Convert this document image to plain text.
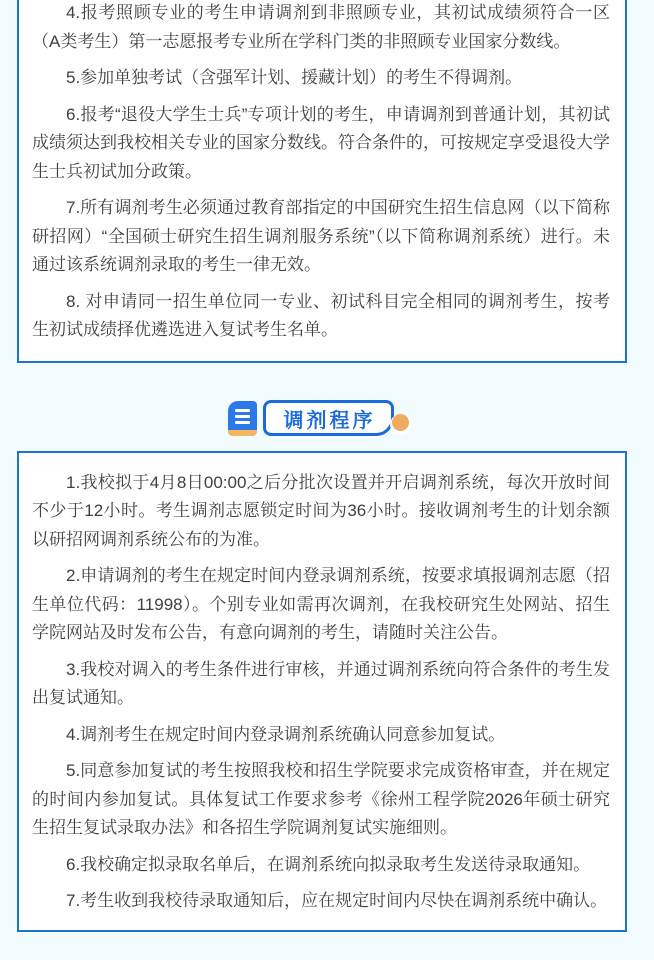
4.报考照顾专业的考生申请调剂到非照顾专业，其初试成绩须符合一区（A类考生）第一志愿报考专业所在学科门类的非照顾专业国家分数线。

5.参加单独考试（含强军计划、援藏计划）的考生不得调剂。

6.报考“退役大学生士兵”专项计划的考生，申请调剂到普通计划，其初试成绩须达到我校相关专业的国家分数线。符合条件的，可按规定享受退役大学生士兵初试加分政策。

7.所有调剂考生必须通过教育部指定的中国研究生招生信息网（以下简称研招网）“全国硕士研究生招生调剂服务系统”（以下简称调剂系统）进行。未通过该系统调剂录取的考生一律无效。

8. 对申请同一招生单位同一专业、初试科目完全相同的调剂考生，按考生初试成绩择优遴选进入复试考生名单。

调剂程序

1.我校拟于4月8日00:00之后分批次设置并开启调剂系统，每次开放时间不少于12小时。考生调剂志愿锁定时间为36小时。接收调剂考生的计划余额以研招网调剂系统公布的为准。

2.申请调剂的考生在规定时间内登录调剂系统，按要求填报调剂志愿（招生单位代码：11998）。个别专业如需再次调剂，在我校研究生处网站、招生学院网站及时发布公告，有意向调剂的考生，请随时关注公告。

3.我校对调入的考生条件进行审核，并通过调剂系统向符合条件的考生发出复试通知。

4.调剂考生在规定时间内登录调剂系统确认同意参加复试。

5.同意参加复试的考生按照我校和招生学院要求完成资格审查，并在规定的时间内参加复试。具体复试工作要求参考《徐州工程学院2026年硕士研究生招生复试录取办法》和各招生学院调剂复试实施细则。

6.我校确定拟录取名单后，在调剂系统向拟录取考生发送待录取通知。

7.考生收到我校待录取通知后，应在规定时间内尽快在调剂系统中确认。
